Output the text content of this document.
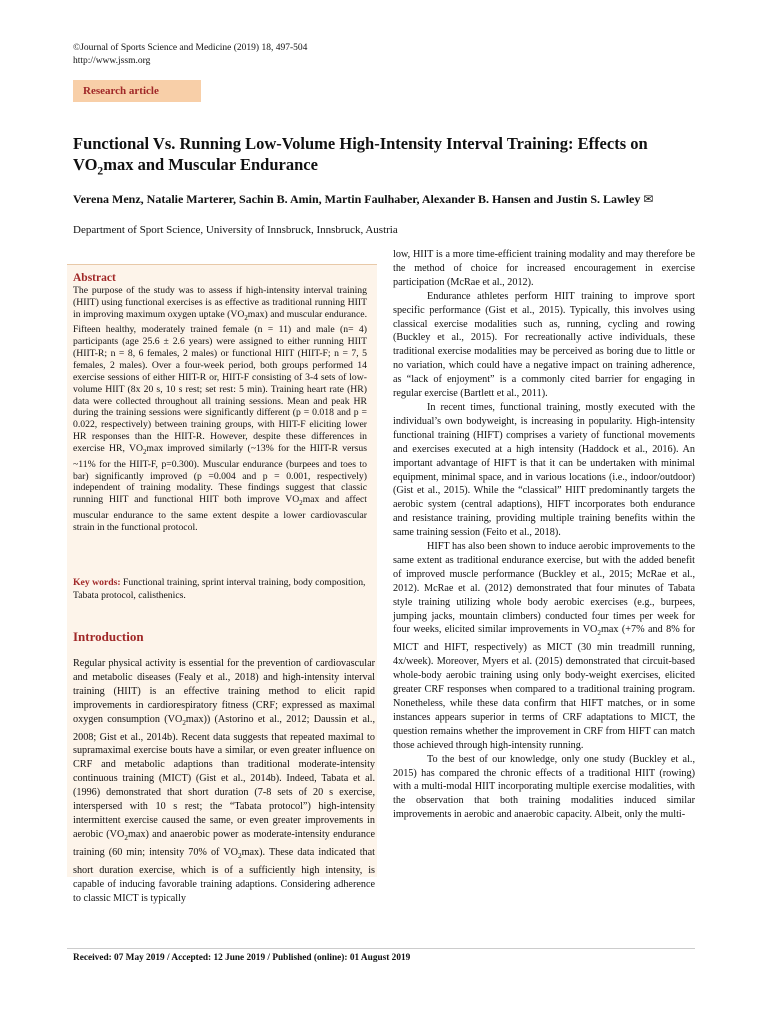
©Journal of Sports Science and Medicine (2019) 18, 497-504
http://www.jssm.org
Research article
Functional Vs. Running Low-Volume High-Intensity Interval Training: Effects on $VO_2\max$ and Muscular Endurance
Verena Menz, Natalie Marterer, Sachin B. Amin, Martin Faulhaber, Alexander B. Hansen and Justin S. Lawley ✉
Department of Sport Science, University of Innsbruck, Innsbruck, Austria
Abstract
The purpose of the study was to assess if high-intensity interval training (HIIT) using functional exercises is as effective as traditional running HIIT in improving maximum oxygen uptake $(VO_2\max)$ and muscular endurance. Fifteen healthy, moderately trained female (n = 11) and male (n= 4) participants (age 25.6 ± 2.6 years) were assigned to either running HIIT (HIIT-R; n = 8, 6 females, 2 males) or functional HIIT (HIIT-F; n = 7, 5 females, 2 males). Over a four-week period, both groups performed 14 exercise sessions of either HIIT-R or, HIIT-F consisting of 3-4 sets of low-volume HIIT (8x 20 s, 10 s rest; set rest: 5 min). Training heart rate (HR) data were collected throughout all training sessions. Mean and peak HR during the training sessions were significantly different (p = 0.018 and p = 0.022, respectively) between training groups, with HIIT-F eliciting lower HR responses than the HIIT-R. However, despite these differences in exercise HR, $VO_2\max$ improved similarly (~13% for the HIIT-R versus ~11% for the HIIT-F, p=0.300). Muscular endurance (burpees and toes to bar) significantly improved (p =0.004 and p = 0.001, respectively) independent of training modality. These findings suggest that classic running HIIT and functional HIIT both improve $VO_2\max$ and affect muscular endurance to the same extent despite a lower cardiovascular strain in the functional protocol.
Key words: Functional training, sprint interval training, body composition, Tabata protocol, calisthenics.
Introduction
Regular physical activity is essential for the prevention of cardiovascular and metabolic diseases (Fealy et al., 2018) and high-intensity interval training (HIIT) is an effective training method to elicit rapid improvements in cardiorespiratory fitness (CRF; expressed as maximal oxygen consumption $(VO_2\max)$) (Astorino et al., 2012; Daussin et al., 2008; Gist et al., 2014b). Recent data suggests that repeated maximal to supramaximal exercise bouts have a similar, or even greater influence on CRF and metabolic adaptions than traditional moderate-intensity continuous training (MICT) (Gist et al., 2014b). Indeed, Tabata et al. (1996) demonstrated that short duration (7-8 sets of 20 s exercise, interspersed with 10 s rest; the “Tabata protocol”) high-intensity intermittent exercise caused the same, or even greater improvements in aerobic $(VO_2\max)$ and anaerobic power as moderate-intensity endurance training (60 min; intensity 70% of $VO_2\max$). These data indicated that short duration exercise, which is of a sufficiently high intensity, is capable of inducing favorable training adaptions. Considering adherence to classic MICT is typically

low, HIIT is a more time-efficient training modality and may therefore be the method of choice for increased encouragement in exercise participation (McRae et al., 2012).

Endurance athletes perform HIIT training to improve sport specific performance (Gist et al., 2015). Typically, this involves using classical exercise modalities such as, running, cycling and rowing (Buckley et al., 2015). For recreationally active individuals, these traditional exercise modalities may be perceived as boring due to little or no variation, which could have a negative impact on training adherence, as “lack of enjoyment” is a commonly cited barrier for engaging in regular exercise (Bartlett et al., 2011).

In recent times, functional training, mostly executed with the individual’s own bodyweight, is increasing in popularity. High-intensity functional training (HIFT) comprises a variety of functional movements and exercises executed at a high intensity (Haddock et al., 2016). An important advantage of HIFT is that it can be undertaken with minimal equipment, minimal space, and in various locations (i.e., indoor/outdoor) (Gist et al., 2015). While the “classical” HIIT predominantly targets the aerobic system (central adaptions), HIFT incorporates both endurance and resistance training, providing multiple training benefits within the same training session (Feito et al., 2018).

HIFT has also been shown to induce aerobic improvements to the same extent as traditional endurance exercise, but with the added benefit of improved muscle performance (Buckley et al., 2015; McRae et al., 2012). McRae et al. (2012) demonstrated that four minutes of Tabata style training utilizing whole body aerobic exercises (e.g., burpees, jumping jacks, mountain climbers) conducted four times per week for four weeks, elicited similar improvements in $VO_2\max$ (+7% and 8% for MICT and HIFT, respectively) as MICT (30 min treadmill running, 4x/week). Moreover, Myers et al. (2015) demonstrated that circuit-based whole-body aerobic training using only body-weight exercises, elicited greater CRF responses when compared to a traditional training program. Nonetheless, while these data confirm that HIFT matches, or in some instances appears superior in terms of CRF adaptations to MICT, the question remains whether the improvement in CRF from HIFT can match those achieved through high-intensity running.

To the best of our knowledge, only one study (Buckley et al., 2015) has compared the chronic effects of a traditional HIIT (rowing) with a multi-modal HIIT incorporating multiple exercise modalities, with the observation that both training modalities induced similar improvements in aerobic and anaerobic capacity. Albeit, only the multi-

Received: 07 May 2019 / Accepted: 12 June 2019 / Published (online): 01 August 2019
